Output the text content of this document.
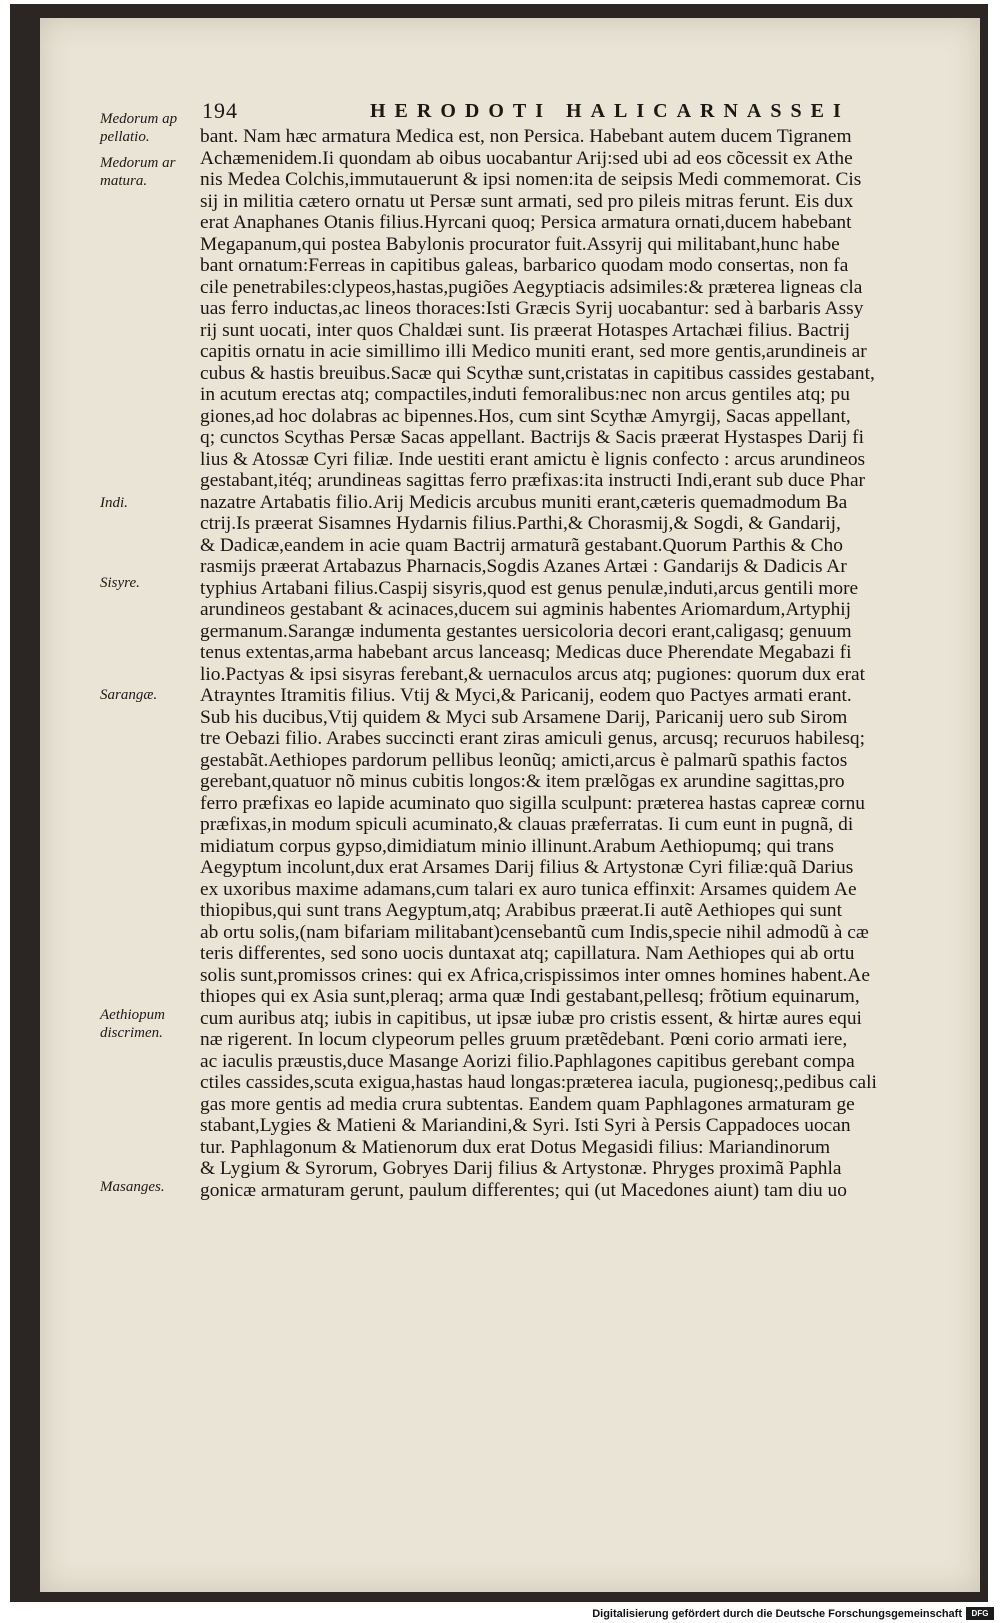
194	HERODOTI HALICARNASSEI
Medorum ap
pellatio.
Medorum ar
matura.
Indi.
Sisyre.
Sarangæ.
Aethiopum
discrimen.
Masanges.
bant. Nam hæc armatura Medica est, non Persica. Habebant autem ducem Tigranem
Achæmenidem.Ii quondam ab oibus uocabantur Arij:sed ubi ad eos cõcessit ex Athe
nis Medea Colchis,immutauerunt & ipsi nomen:ita de seipsis Medi commemorat. Cis
sij in militia cætero ornatu ut Persæ sunt armati, sed pro pileis mitras ferunt. Eis dux
erat Anaphanes Otanis filius.Hyrcani quoq; Persica armatura ornati,ducem habebant
Megapanum,qui postea Babylonis procurator fuit.Assyrij qui militabant,hunc habe
bant ornatum:Ferreas in capitibus galeas, barbarico quodam modo consertas, non fa
cile penetrabiles:clypeos,hastas,pugiões Aegyptiacis adsimiles:& præterea ligneas cla
uas ferro inductas,ac lineos thoraces:Isti Græcis Syrij uocabantur: sed à barbaris Assy
rij sunt uocati, inter quos Chaldæi sunt. Iis præerat Hotaspes Artachæi filius. Bactrij
capitis ornatu in acie simillimo illi Medico muniti erant, sed more gentis,arundineis ar
cubus & hastis breuibus.Sacæ qui Scythæ sunt,cristatas in capitibus cassides gestabant,
in acutum erectas atq; compactiles,induti femoralibus:nec non arcus gentiles atq; pu
giones,ad hoc dolabras ac bipennes.Hos, cum sint Scythæ Amyrgij, Sacas appellant,
q; cunctos Scythas Persæ Sacas appellant. Bactrijs & Sacis præerat Hystaspes Darij fi
lius & Atossæ Cyri filiæ. Inde uestiti erant amictu è lignis confecto : arcus arundineos
gestabant,itéq; arundineas sagittas ferro præfixas:ita instructi Indi,erant sub duce Phar
nazatre Artabatis filio.Arij Medicis arcubus muniti erant,cæteris quemadmodum Ba
ctrij.Is præerat Sisamnes Hydarnis filius.Parthi,& Chorasmij,& Sogdi, & Gandarij,
& Dadicæ,eandem in acie quam Bactrij armaturã gestabant.Quorum Parthis & Cho
rasmijs præerat Artabazus Pharnacis,Sogdis Azanes Artæi : Gandarijs & Dadicis Ar
typhius Artabani filius.Caspij sisyris,quod est genus penulæ,induti,arcus gentili more
arundineos gestabant & acinaces,ducem sui agminis habentes Ariomardum,Artyphij
germanum.Sarangæ indumenta gestantes uersicoloria decori erant,caligasq; genuum
tenus extentas,arma habebant arcus lanceasq; Medicas duce Pherendate Megabazi fi
lio.Pactyas & ipsi sisyras ferebant,& uernaculos arcus atq; pugiones: quorum dux erat
Atrayntes Itramitis filius. Vtij & Myci,& Paricanij, eodem quo Pactyes armati erant.
Sub his ducibus,Vtij quidem & Myci sub Arsamene Darij, Paricanij uero sub Sirom
tre Oebazi filio. Arabes succincti erant ziras amiculi genus, arcusq; recuruos habilesq;
gestabãt.Aethiopes pardorum pellibus leonũq; amicti,arcus è palmarũ spathis factos
gerebant,quatuor nõ minus cubitis longos:& item prælõgas ex arundine sagittas,pro
ferro præfixas eo lapide acuminato quo sigilla sculpunt: præterea hastas capreæ cornu
præfixas,in modum spiculi acuminato,& clauas præferratas. Ii cum eunt in pugnã, di
midiatum corpus gypso,dimidiatum minio illinunt.Arabum Aethiopumq; qui trans
Aegyptum incolunt,dux erat Arsames Darij filius & Artystonæ Cyri filiæ:quã Darius
ex uxoribus maxime adamans,cum talari ex auro tunica effinxit: Arsames quidem Ae
thiopibus,qui sunt trans Aegyptum,atq; Arabibus præerat.Ii autẽ Aethiopes qui sunt
ab ortu solis,(nam bifariam militabant)censebantũ cum Indis,specie nihil admodũ à cæ
teris differentes, sed sono uocis duntaxat atq; capillatura. Nam Aethiopes qui ab ortu
solis sunt,promissos crines: qui ex Africa,crispissimos inter omnes homines habent.Ae
thiopes qui ex Asia sunt,pleraq; arma quæ Indi gestabant,pellesq; frõtium equinarum,
cum auribus atq; iubis in capitibus, ut ipsæ iubæ pro cristis essent, & hirtæ aures equi
næ rigerent. In locum clypeorum pelles gruum prætẽdebant. Pœni corio armati iere,
ac iaculis præustis,duce Masange Aorizi filio.Paphlagones capitibus gerebant compa
ctiles cassides,scuta exigua,hastas haud longas:præterea iacula, pugionesq;,pedibus cali
gas more gentis ad media crura subtentas. Eandem quam Paphlagones armaturam ge
stabant,Lygies & Matieni & Mariandini,& Syri. Isti Syri à Persis Cappadoces uocan
tur. Paphlagonum & Matienorum dux erat Dotus Megasidi filius: Mariandinorum
& Lygium & Syrorum, Gobryes Darij filius & Artystonæ. Phryges proximã Paphla
gonicæ armaturam gerunt, paulum differentes; qui (ut Macedones aiunt) tam diu uo
Digitalisierung gefördert durch die Deutsche Forschungsgemeinschaft	DFG
